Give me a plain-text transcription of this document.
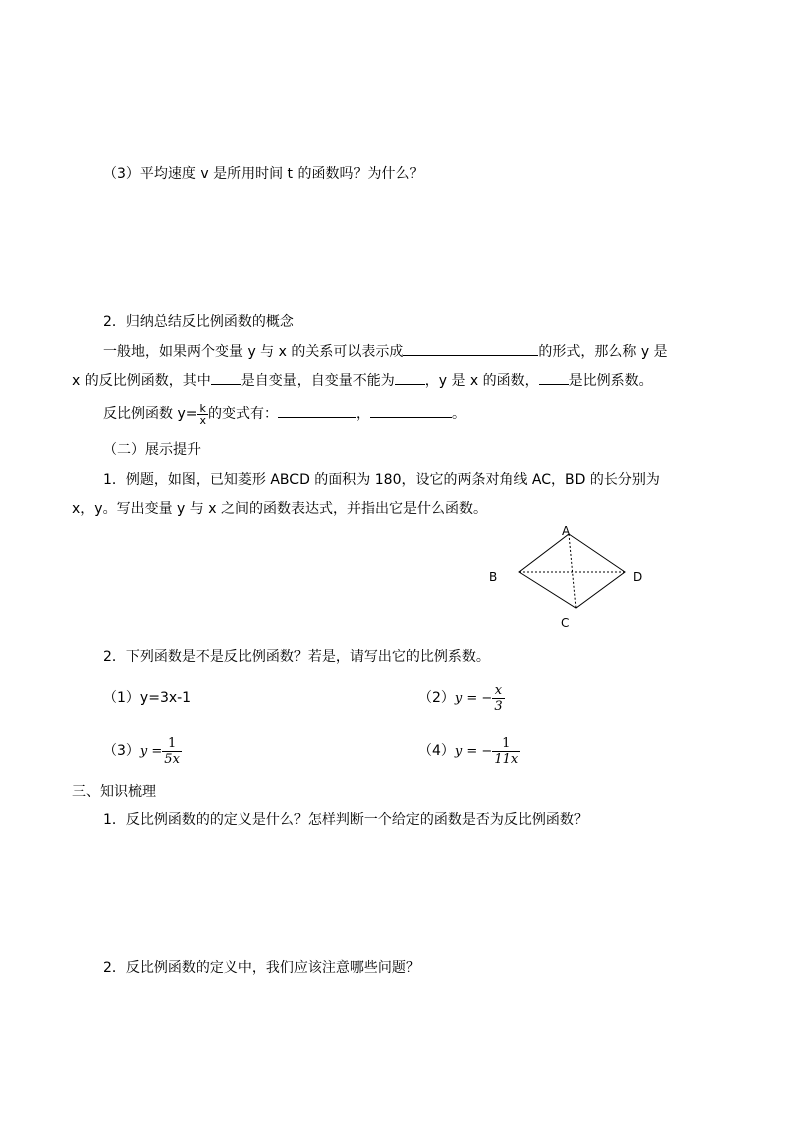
（3）平均速度 v 是所用时间 t 的函数吗？为什么？
2．归纳总结反比例函数的概念
一般地，如果两个变量 y 与 x 的关系可以表示成	的形式，那么称 y 是
x 的反比例函数，其中 是自变量，自变量不能为 ，y 是 x 的函数， 是比例系数。
反比例函数 $y= \frac{k}{x}$ 的变式有：	，	。
（二）展示提升
1．例题，如图，已知菱形 ABCD 的面积为 180，设它的两条对角线 AC，BD 的长分别为
x，y。写出变量 y 与 x 之间的函数表达式，并指出它是什么函数。
A
B	D
C
2．下列函数是不是反比例函数？若是，请写出它的比例系数。
（1）y=3x-1	（2）y = − $\frac{x}{3}$
$(3)y = \frac{1}{5x}$	（4）y = − $\frac{1}{11x}$
三、知识梳理
1．反比例函数的的定义是什么？怎样判断一个给定的函数是否为反比例函数？
2．反比例函数的定义中，我们应该注意哪些问题？
